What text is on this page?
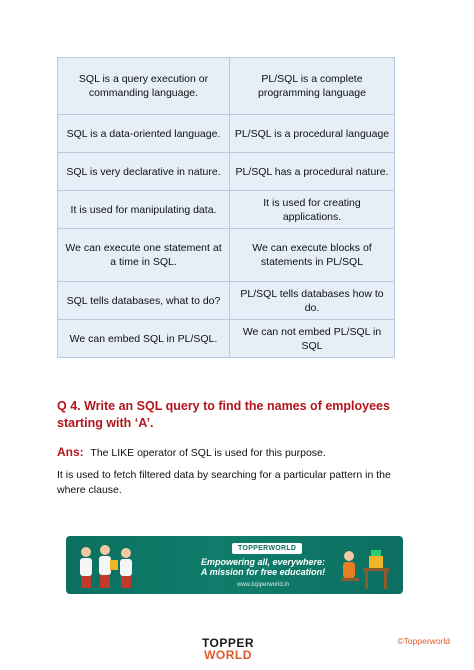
SQL is a query execution or commanding language.	PL/SQL is a complete programming language
SQL is a data-oriented language.	PL/SQL is a procedural language
SQL is very declarative in nature.	PL/SQL has a procedural nature.
It is used for manipulating data.	It is used for creating applications.
We can execute one statement at a time in SQL.	We can execute blocks of statements in PL/SQL
SQL tells databases, what to do?	PL/SQL tells databases how to do.
We can embed SQL in PL/SQL.	We can not embed PL/SQL in SQL
Q 4. Write an SQL query to find the names of employees starting with ‘A’.
Ans: The LIKE operator of SQL is used for this purpose.
It is used to fetch filtered data by searching for a particular pattern in the where clause.
TOPPERWORLD
Empowering all, everywhere:
A mission for free education!
www.topperworld.in
TOPPER
WORLD
©Topperworld
